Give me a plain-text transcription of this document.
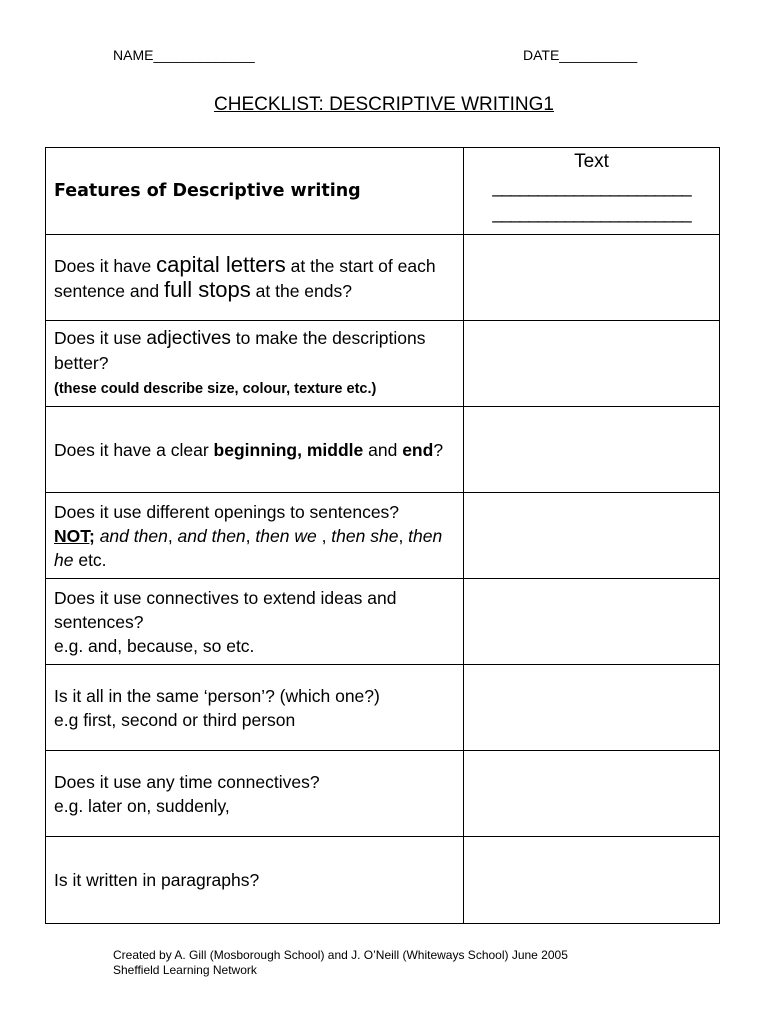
NAME_____________	DATE__________
CHECKLIST: DESCRIPTIVE WRITING1
Features of Descriptive writing	Text
______________________
______________________

Does it have capital letters at the start of each sentence and full stops at the ends?	
Does it use adjectives to make the descriptions better?
(these could describe size, colour, texture etc.)	
Does it have a clear beginning, middle and end?	
Does it use different openings to sentences?
NOT; and then, and then, then we , then she, then he etc.	
Does it use connectives to extend ideas and sentences?
e.g. and, because, so etc.	
Is it all in the same ‘person’? (which one?)
e.g first, second or third person	
Does it use any time connectives?
e.g. later on, suddenly,	
Is it written in paragraphs?	
Created by A. Gill (Mosborough School) and J. O’Neill (Whiteways School) June 2005
Sheffield Learning Network
